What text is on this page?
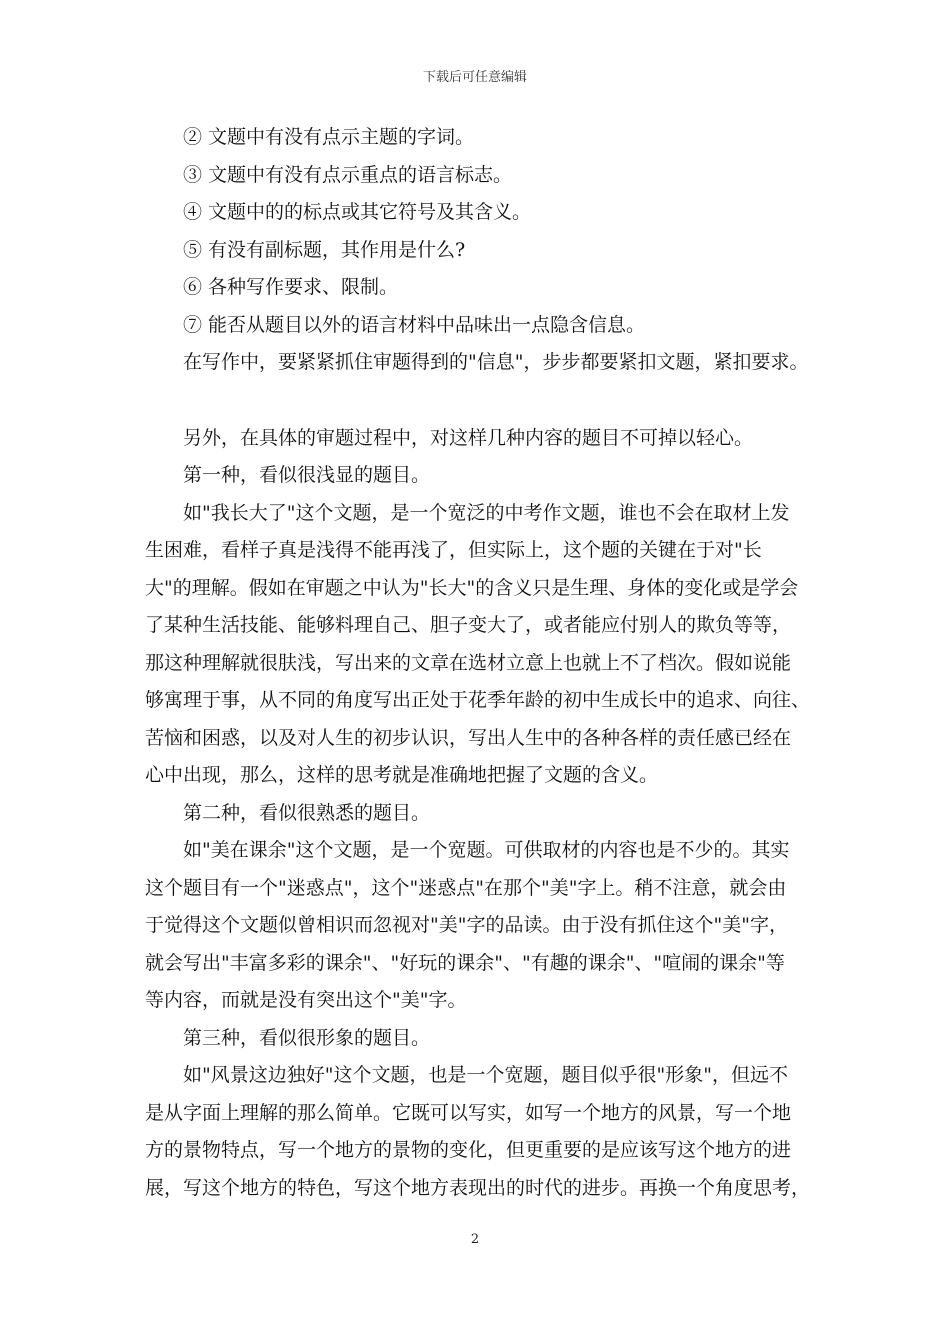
下载后可任意编辑
② 文题中有没有点示主题的字词。
③ 文题中有没有点示重点的语言标志。
④ 文题中的的标点或其它符号及其含义。
⑤ 有没有副标题，其作用是什么?
⑥ 各种写作要求、限制。
⑦ 能否从题目以外的语言材料中品味出一点隐含信息。
在写作中，要紧紧抓住审题得到的"信息"，步步都要紧扣文题，紧扣要求。
另外，在具体的审题过程中，对这样几种内容的题目不可掉以轻心。
第一种，看似很浅显的题目。
如"我长大了"这个文题，是一个宽泛的中考作文题，谁也不会在取材上发
生困难，看样子真是浅得不能再浅了，但实际上，这个题的关键在于对"长
大"的理解。假如在审题之中认为"长大"的含义只是生理、身体的变化或是学会
了某种生活技能、能够料理自己、胆子变大了，或者能应付别人的欺负等等，
那这种理解就很肤浅，写出来的文章在选材立意上也就上不了档次。假如说能
够寓理于事，从不同的角度写出正处于花季年龄的初中生成长中的追求、向往、
苦恼和困惑，以及对人生的初步认识，写出人生中的各种各样的责任感已经在
心中出现，那么，这样的思考就是准确地把握了文题的含义。
第二种，看似很熟悉的题目。
如"美在课余"这个文题，是一个宽题。可供取材的内容也是不少的。其实
这个题目有一个"迷惑点"，这个"迷惑点"在那个"美"字上。稍不注意，就会由
于觉得这个文题似曾相识而忽视对"美"字的品读。由于没有抓住这个"美"字，
就会写出"丰富多彩的课余"、"好玩的课余"、"有趣的课余"、"喧闹的课余"等
等内容，而就是没有突出这个"美"字。
第三种，看似很形象的题目。
如"风景这边独好"这个文题，也是一个宽题，题目似乎很"形象"，但远不
是从字面上理解的那么简单。它既可以写实，如写一个地方的风景，写一个地
方的景物特点，写一个地方的景物的变化，但更重要的是应该写这个地方的进
展，写这个地方的特色，写这个地方表现出的时代的进步。再换一个角度思考，
2
